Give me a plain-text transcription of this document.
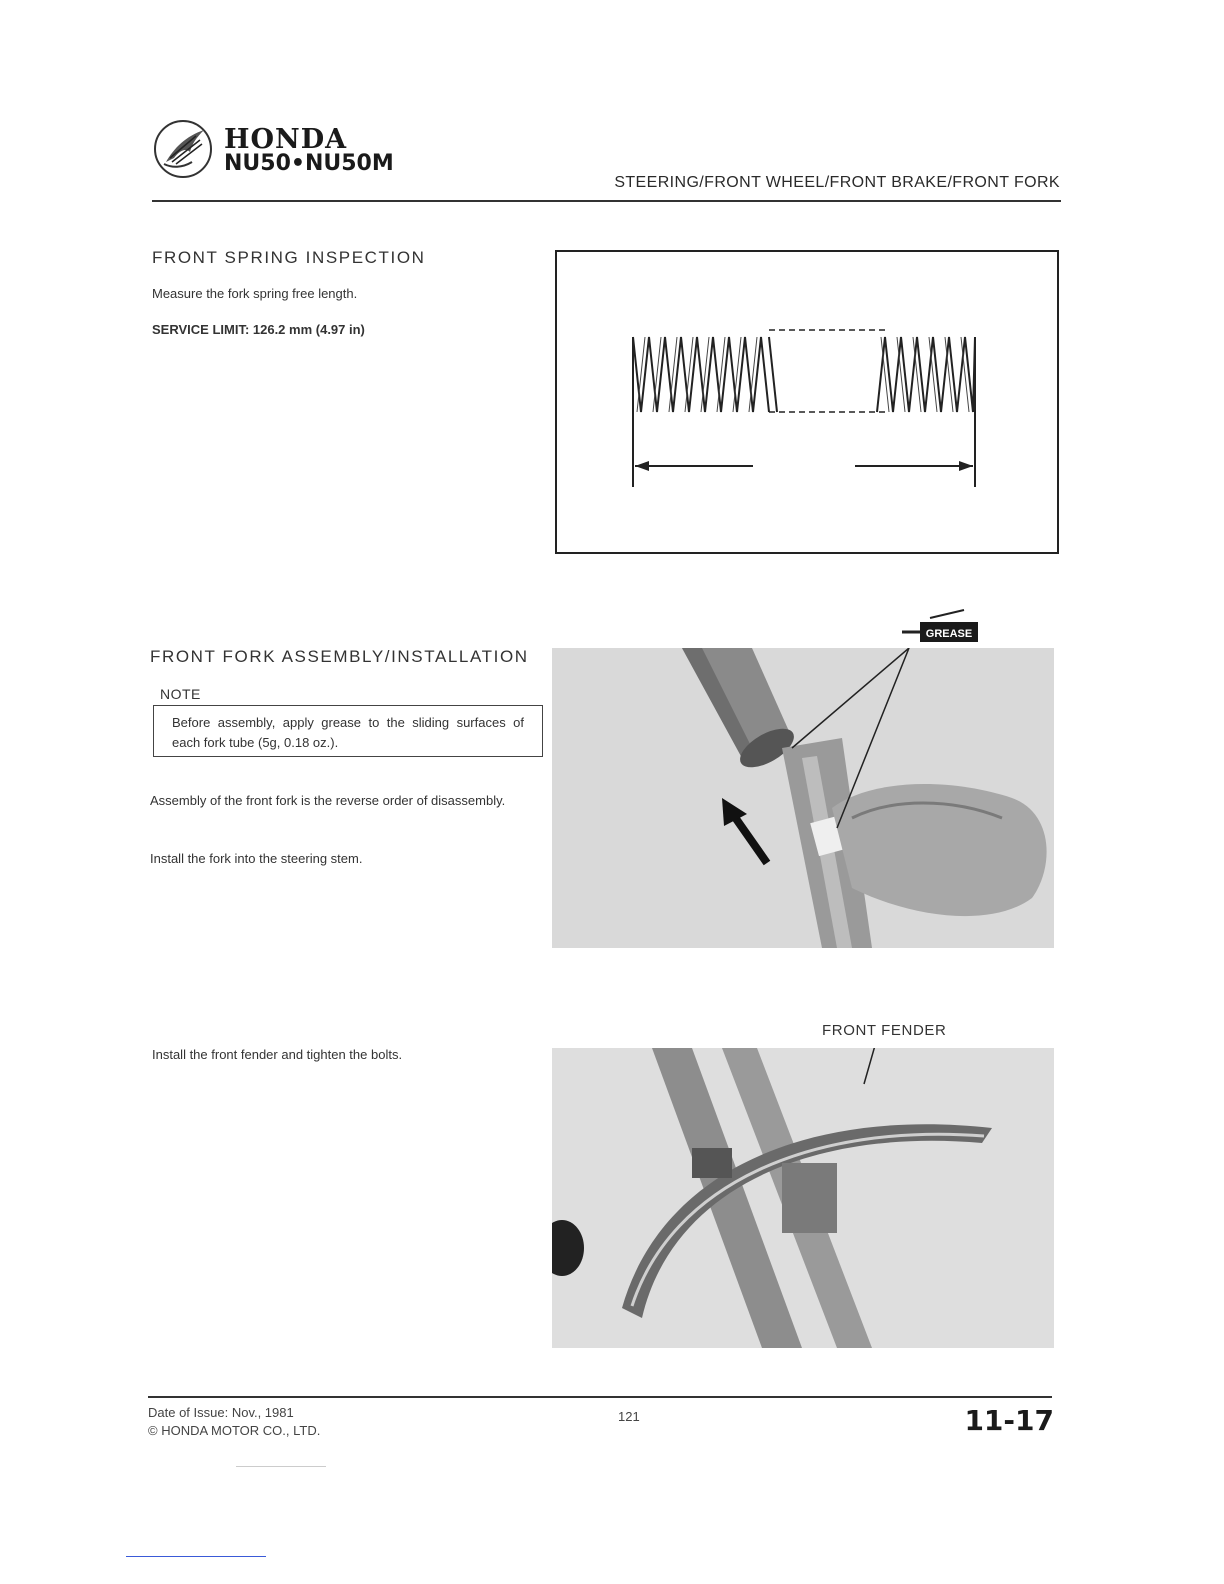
HONDA
NU50•NU50M
STEERING/FRONT WHEEL/FRONT BRAKE/FRONT FORK
FRONT SPRING INSPECTION
Measure the fork spring free length.
SERVICE LIMIT: 126.2 mm (4.97 in)
FRONT FORK ASSEMBLY/INSTALLATION
NOTE
Before assembly, apply grease to the sliding surfaces of each fork tube (5g, 0.18 oz.).
Assembly of the front fork is the reverse order of disassembly.
Install the fork into the steering stem.
GREASE
FRONT FENDER
Install the front fender and tighten the bolts.
Date of Issue: Nov., 1981
© HONDA MOTOR CO., LTD.
121	11-17
